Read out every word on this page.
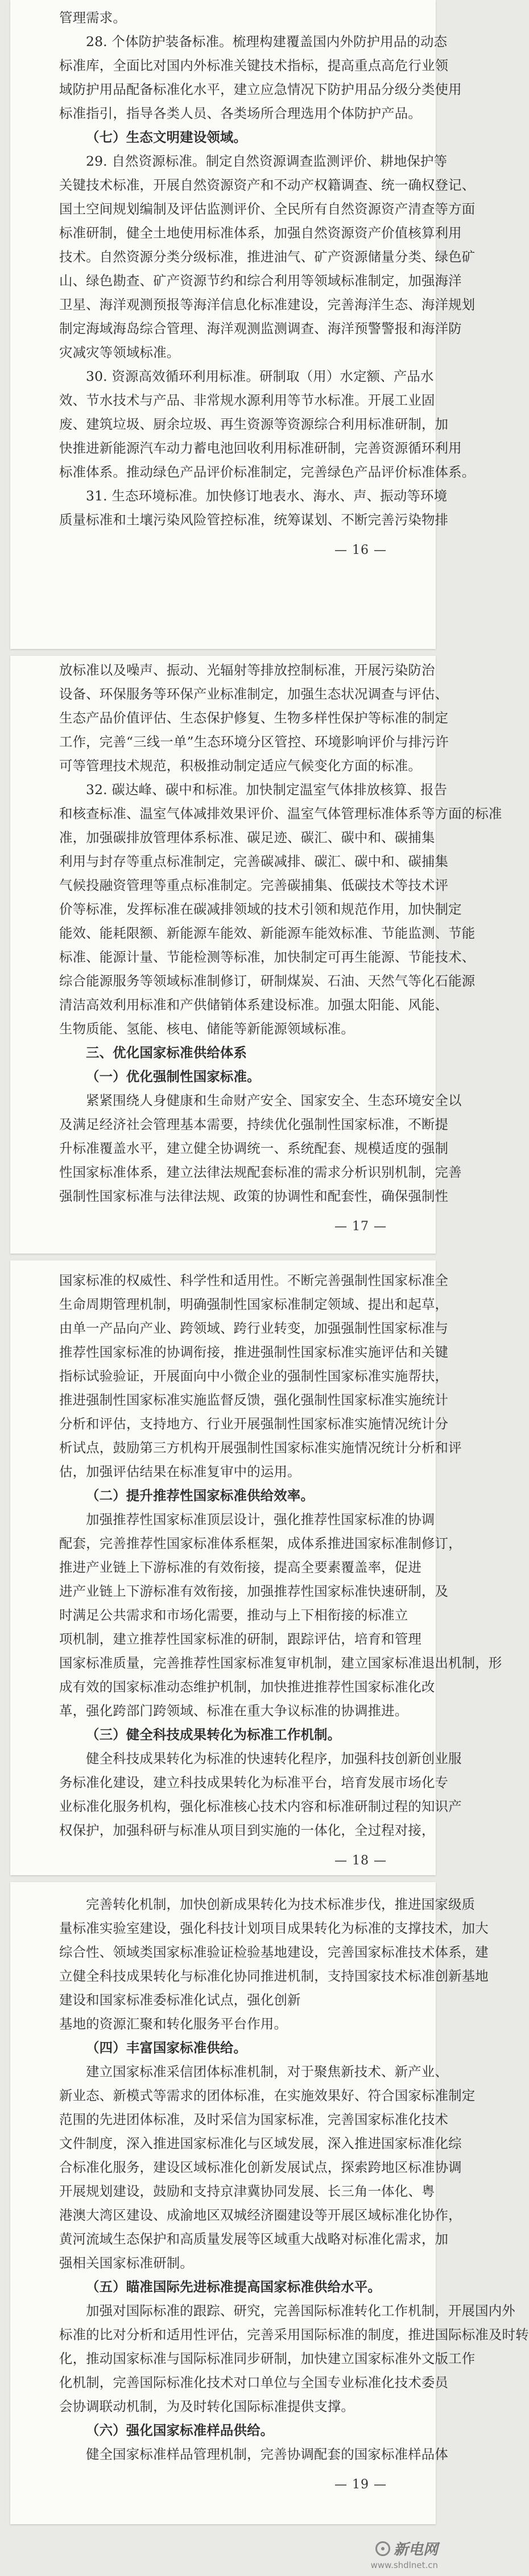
管理需求。
28. 个体防护装备标准。梳理构建覆盖国内外防护用品的动态
标准库，全面比对国内外标准关键技术指标，提高重点高危行业领
域防护用品配备标准化水平，建立应急情况下防护用品分级分类使用
标准指引，指导各类人员、各类场所合理选用个体防护产品。
（七）生态文明建设领域。
29. 自然资源标准。制定自然资源调查监测评价、耕地保护等
关键技术标准，开展自然资源资产和不动产权籍调查、统一确权登记、
国土空间规划编制及评估监测评价、全民所有自然资源资产清查等方面
标准研制，健全土地使用标准体系，加强自然资源资产价值核算利用
技术。自然资源分类分级标准，推进油气、矿产资源储量分类、绿色矿
山、绿色勘查、矿产资源节约和综合利用等领域标准制定，加强海洋
卫星、海洋观测预报等海洋信息化标准建设，完善海洋生态、海洋规划
制定海域海岛综合管理、海洋观测监测调查、海洋预警警报和海洋防
灾减灾等领域标准。
30. 资源高效循环利用标准。研制取（用）水定额、产品水
效、节水技术与产品、非常规水源利用等节水标准。开展工业固
废、建筑垃圾、厨余垃圾、再生资源等资源综合利用标准研制，加
快推进新能源汽车动力蓄电池回收利用标准研制，完善资源循环利用
标准体系。推动绿色产品评价标准制定，完善绿色产品评价标准体系。
31. 生态环境标准。加快修订地表水、海水、声、振动等环境
质量标准和土壤污染风险管控标准，统筹谋划、不断完善污染物排
— 16 —
放标准以及噪声、振动、光辐射等排放控制标准，开展污染防治
设备、环保服务等环保产业标准制定，加强生态状况调查与评估、
生态产品价值评估、生态保护修复、生物多样性保护等标准的制定
工作，完善“三线一单”生态环境分区管控、环境影响评价与排污许
可等管理技术规范，积极推动制定适应气候变化方面的标准。
32. 碳达峰、碳中和标准。加快制定温室气体排放核算、报告
和核查标准、温室气体减排效果评价、温室气体管理标准体系等方面的标准
准，加强碳排放管理体系标准、碳足迹、碳汇、碳中和、碳捕集
利用与封存等重点标准制定，完善碳减排、碳汇、碳中和、碳捕集
气候投融资管理等重点标准制定。完善碳捕集、低碳技术等技术评
价等标准，发挥标准在碳减排领域的技术引领和规范作用，加快制定
能效、能耗限额、新能源车能效、新能源车能效标准、节能监测、节能
标准、能源计量、节能检测等标准，加快制定可再生能源、节能技术、
综合能源服务等领域标准制修订，研制煤炭、石油、天然气等化石能源
清洁高效利用标准和产供储销体系建设标准。加强太阳能、风能、
生物质能、氢能、核电、储能等新能源领域标准。
三、优化国家标准供给体系
（一）优化强制性国家标准。
紧紧围绕人身健康和生命财产安全、国家安全、生态环境安全以
及满足经济社会管理基本需要，持续优化强制性国家标准，不断提
升标准覆盖水平，建立健全协调统一、系统配套、规模适度的强制
性国家标准体系，建立法律法规配套标准的需求分析识别机制，完善
强制性国家标准与法律法规、政策的协调性和配套性，确保强制性
— 17 —
国家标准的权威性、科学性和适用性。不断完善强制性国家标准全
生命周期管理机制，明确强制性国家标准制定领域、提出和起草，
由单一产品向产业、跨领域、跨行业转变，加强强制性国家标准与
推荐性国家标准的协调衔接，推进强制性国家标准实施评估和关键
指标试验验证，开展面向中小微企业的强制性国家标准实施帮扶，
推进强制性国家标准实施监督反馈，强化强制性国家标准实施统计
分析和评估，支持地方、行业开展强制性国家标准实施情况统计分
析试点，鼓励第三方机构开展强制性国家标准实施情况统计分析和评
估，加强评估结果在标准复审中的运用。
（二）提升推荐性国家标准供给效率。
加强推荐性国家标准顶层设计，强化推荐性国家标准的协调
配套，完善推荐性国家标准体系框架，成体系推进国家标准制修订，
推进产业链上下游标准的有效衔接，提高全要素覆盖率，促进
进产业链上下游标准有效衔接，加强推荐性国家标准快速研制，及
时满足公共需求和市场化需要，推动与上下相衔接的标准立
项机制，建立推荐性国家标准的研制，跟踪评估，培育和管理
国家标准质量，完善推荐性国家标准复审机制，建立国家标准退出机制，形
成有效的国家标准动态维护机制，加快推进推荐性国家标准化改
革，强化跨部门跨领域、标准在重大争议标准的协调推进。
（三）健全科技成果转化为标准工作机制。
健全科技成果转化为标准的快速转化程序，加强科技创新创业服
务标准化建设，建立科技成果转化为标准平台，培育发展市场化专
业标准化服务机构，强化标准核心技术内容和标准研制过程的知识产
权保护，加强科研与标准从项目到实施的一体化，全过程对接，
— 18 —
完善转化机制，加快创新成果转化为技术标准步伐，推进国家级质
量标准实验室建设，强化科技计划项目成果转化为标准的支撑技术，加大
综合性、领域类国家标准验证检验基地建设，完善国家标准技术体系，建
立健全科技成果转化与标准化协同推进机制，支持国家技术标准创新基地
建设和国家标准委标准化试点，强化创新
基地的资源汇聚和转化服务平台作用。
（四）丰富国家标准供给。
建立国家标准采信团体标准机制，对于聚焦新技术、新产业、
新业态、新模式等需求的团体标准，在实施效果好、符合国家标准制定
范围的先进团体标准，及时采信为国家标准，完善国家标准化技术
文件制度，深入推进国家标准化与区域发展，深入推进国家标准化综
合标准化服务，建设区域标准化创新发展试点，探索跨地区标准协调
开展规划建设，鼓励和支持京津冀协同发展、长三角一体化、粤
港澳大湾区建设、成渝地区双城经济圈建设等开展区域标准化协作，
黄河流域生态保护和高质量发展等区域重大战略对标准化需求，加
强相关国家标准研制。
（五）瞄准国际先进标准提高国家标准供给水平。
加强对国际标准的跟踪、研究，完善国际标准转化工作机制，开展国内外
标准的比对分析和适用性评估，完善采用国际标准的制度，推进国际标准及时转
化，推动国家标准与国际标准同步研制，加快建立国家标准外文版工作
化机制，完善国际标准化技术对口单位与全国专业标准化技术委员
会协调联动机制，为及时转化国际标准提供支撑。
（六）强化国家标准样品供给。
健全国家标准样品管理机制，完善协调配套的国家标准样品体
— 19 —
新电网
www.shdlnet.cn
